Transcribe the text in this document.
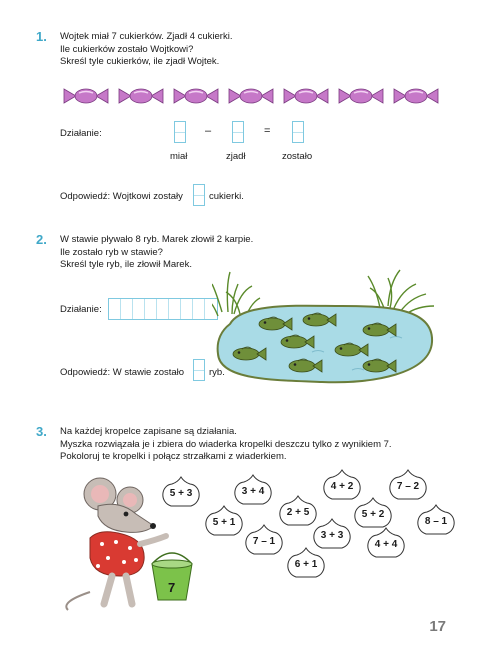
1. Wojtek miał 7 cukierków. Zjadł 4 cukierki.
Ile cukierków zostało Wojtkowi?
Skreśl tyle cukierków, ile zjadł Wojtek.
Działanie:	–	=
miał	zjadł	zostało
Odpowiedź: Wojtkowi zostały	cukierki.
2. W stawie pływało 8 ryb. Marek złowił 2 karpie.
Ile zostało ryb w stawie?
Skreśl tyle ryb, ile złowił Marek.
Działanie:
Odpowiedź: W stawie zostało	ryb.
3. Na każdej kropelce zapisane są działania.
Myszka rozwiązała je i zbiera do wiaderka kropelki deszczu tylko z wynikiem 7.
Pokoloruj te kropelki i połącz strzałkami z wiaderkiem.
7
5 + 3	3 + 4	4 + 2	7 – 2
5 + 1
2 + 5	5 + 2
8 – 1
7 – 1
3 + 3
4 + 4
6 + 1
17
